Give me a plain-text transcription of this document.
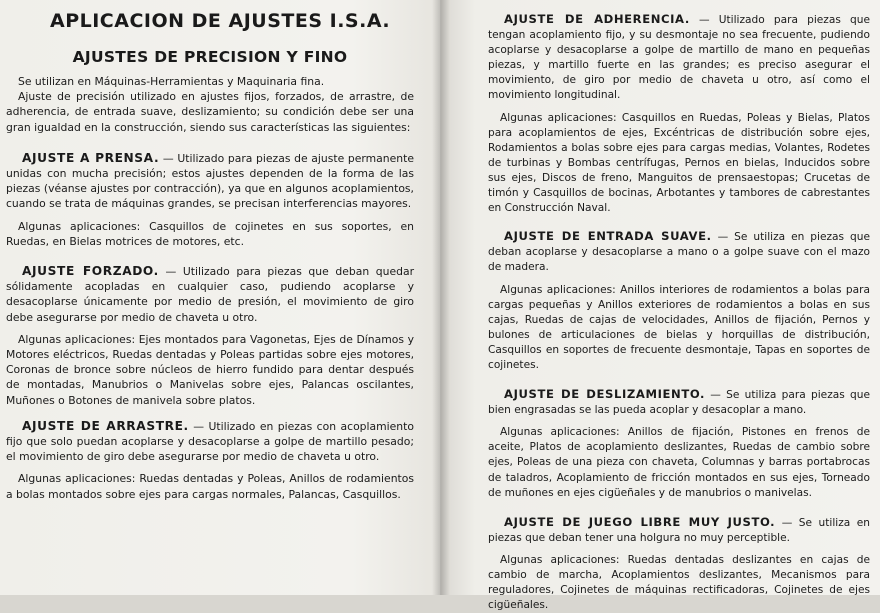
APLICACION DE AJUSTES I.S.A.
AJUSTES DE PRECISION Y FINO

Se utilizan en Máquinas-Herramientas y Maquinaria fina.

Ajuste de precisión utilizado en ajustes fijos, forzados, de arrastre, de adherencia, de entrada suave, deslizamiento; su condición debe ser una gran igualdad en la construcción, siendo sus características las siguientes:

AJUSTE A PRENSA. — Utilizado para piezas de ajuste permanente unidas con mucha precisión; estos ajustes dependen de la forma de las piezas (véanse ajustes por contracción), ya que en algunos acoplamientos, cuando se trata de máquinas grandes, se precisan interferencias mayores.

Algunas aplicaciones: Casquillos de cojinetes en sus soportes, en Ruedas, en Bielas motrices de motores, etc.

AJUSTE FORZADO. — Utilizado para piezas que deban quedar sólidamente acopladas en cualquier caso, pudiendo acoplarse y desacoplarse únicamente por medio de presión, el movimiento de giro debe asegurarse por medio de chaveta u otro.

Algunas aplicaciones: Ejes montados para Vagonetas, Ejes de Dínamos y Motores eléctricos, Ruedas dentadas y Poleas partidas sobre ejes motores, Coronas de bronce sobre núcleos de hierro fundido para dentar después de montadas, Manubrios o Manivelas sobre ejes, Palancas oscilantes, Muñones o Botones de manivela sobre platos.

AJUSTE DE ARRASTRE. — Utilizado en piezas con acoplamiento fijo que solo puedan acoplarse y desacoplarse a golpe de martillo pesado; el movimiento de giro debe asegurarse por medio de chaveta u otro.

Algunas aplicaciones: Ruedas dentadas y Poleas, Anillos de rodamientos a bolas montados sobre ejes para cargas normales, Palancas, Casquillos.

AJUSTE DE ADHERENCIA. — Utilizado para piezas que tengan acoplamiento fijo, y su desmontaje no sea frecuente, pudiendo acoplarse y desacoplarse a golpe de martillo de mano en pequeñas piezas, y martillo fuerte en las grandes; es preciso asegurar el movimiento, de giro por medio de chaveta u otro, así como el movimiento longitudinal.

Algunas aplicaciones: Casquillos en Ruedas, Poleas y Bielas, Platos para acoplamientos de ejes, Excéntricas de distribución sobre ejes, Rodamientos a bolas sobre ejes para cargas medias, Volantes, Rodetes de turbinas y Bombas centrífugas, Pernos en bielas, Inducidos sobre sus ejes, Discos de freno, Manguitos de prensaestopas; Crucetas de timón y Casquillos de bocinas, Arbotantes y tambores de cabrestantes en Construcción Naval.

AJUSTE DE ENTRADA SUAVE. — Se utiliza en piezas que deban acoplarse y desacoplarse a mano o a golpe suave con el mazo de madera.

Algunas aplicaciones: Anillos interiores de rodamientos a bolas para cargas pequeñas y Anillos exteriores de rodamientos a bolas en sus cajas, Ruedas de cajas de velocidades, Anillos de fijación, Pernos y bulones de articulaciones de bielas y horquillas de distribución, Casquillos en soportes de frecuente desmontaje, Tapas en soportes de cojinetes.

AJUSTE DE DESLIZAMIENTO. — Se utiliza para piezas que bien engrasadas se las pueda acoplar y desacoplar a mano.

Algunas aplicaciones: Anillos de fijación, Pistones en frenos de aceite, Platos de acoplamiento deslizantes, Ruedas de cambio sobre ejes, Poleas de una pieza con chaveta, Columnas y barras portabrocas de taladros, Acoplamiento de fricción montados en sus ejes, Torneado de muñones en ejes cigüeñales y de manubrios o manivelas.

AJUSTE DE JUEGO LIBRE MUY JUSTO. — Se utiliza en piezas que deban tener una holgura no muy perceptible.

Algunas aplicaciones: Ruedas dentadas deslizantes en cajas de cambio de marcha, Acoplamientos deslizantes, Mecanismos para reguladores, Cojinetes de máquinas rectificadoras, Cojinetes de ejes cigüeñales.
